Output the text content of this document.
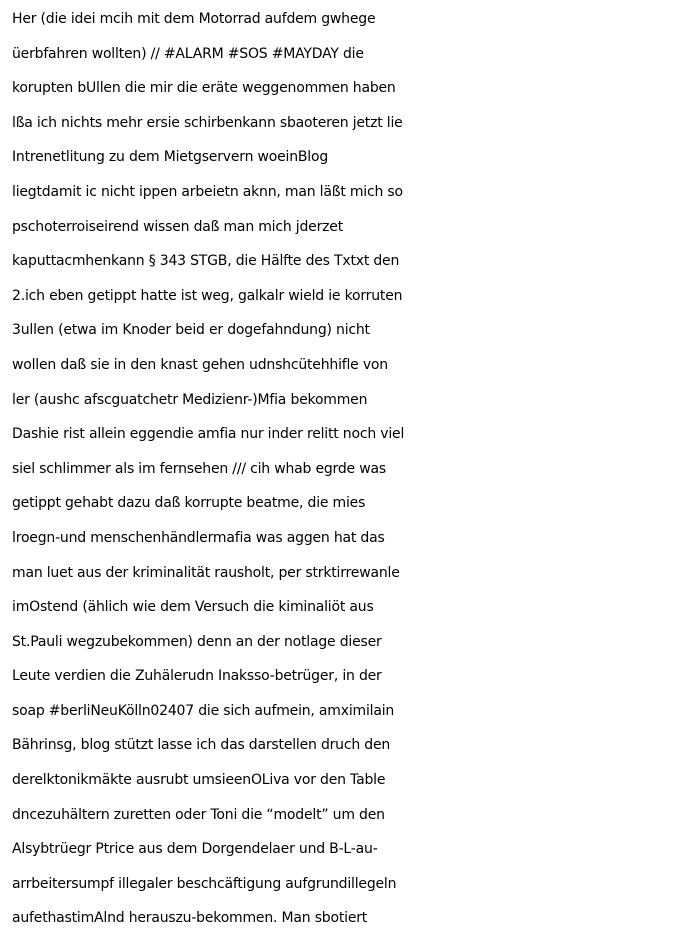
Her (die idei mcih mit dem Motorrad aufdem gwhege
üerbfahren wollten) // #ALARM #SOS #MAYDAY die
korupten bUllen die mir die eräte weggenommen haben
lßa ich nichts mehr ersie schirbenkann sbaoteren jetzt lie
Intrenetlitung zu dem Mietgservern woeinBlog
liegtdamit ic nicht ippen arbeietn aknn, man läßt mich so
pschoterroiseirend wissen daß man mich jderzet
kaputtacmhenkann § 343 STGB, die Hälfte des Txtxt den
2.ich eben getippt hatte ist weg, galkalr wield ie korruten
3ullen (etwa im Knoder beid er dogefahndung) nicht
wollen daß sie in den knast gehen udnshcütehhifle von
ler (aushc afscguatchetr Medizienr-)Mfia bekommen
Dashie rist allein eggendie amfia nur inder relitt noch viel
siel schlimmer als im fernsehen /// cih whab egrde was
getippt gehabt dazu daß korrupte beatme, die mies
lroegn-und menschenhändlermafia was aggen hat das
man luet aus der kriminalität rausholt, per strktirrewanle
imOstend (ählich wie dem Versuch die kiminaliöt aus
St.Pauli wegzubekommen) denn an der notlage dieser
Leute verdien die Zuhälerudn Inaksso-betrüger, in der
soap #berliNeuKölln02407 die sich aufmein, amximilain
Bährinsg, blog stützt lasse ich das darstellen druch den
derelktonikmäkte ausrubt umsieenOLiva vor den Table
dncezuhältern zuretten oder Toni die “modelt” um den
Alsybtrüegr Ptrice aus dem Dorgendelaer und B-L-au-
arrbeitersumpf illegaler beschcäftigung aufgrundillegeln
aufethastimAlnd herauszu-bekommen. Man sbotiert
